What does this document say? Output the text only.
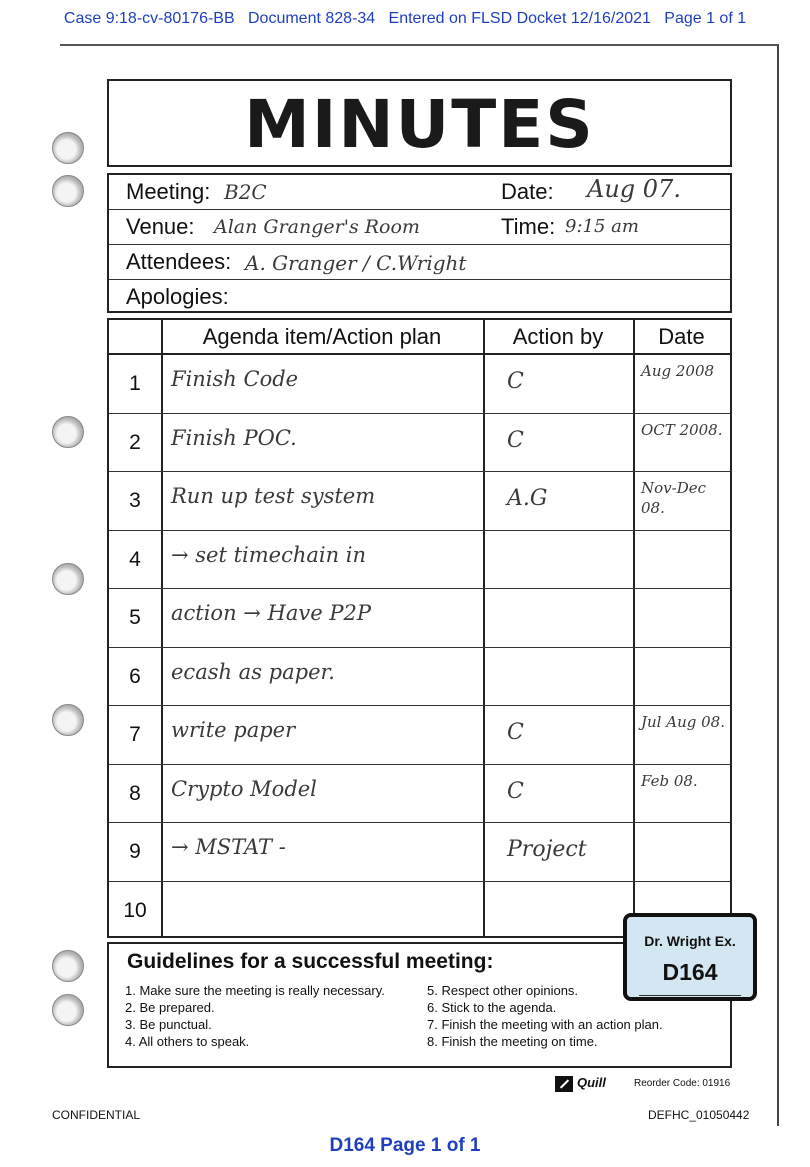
Case 9:18-cv-80176-BB Document 828-34 Entered on FLSD Docket 12/16/2021 Page 1 of 1
MINUTES
Meeting: B2C	Date: Aug 07.
Venue: Alan Granger's Room	Time: 9:15 am
Attendees: A. Granger / C.Wright
Apologies:
Agenda item/Action plan	Action by	Date
1	Finish Code	C	Aug 2008
2	Finish POC.	C	OCT 2008.
3	Run up test system	A.G	Nov-Dec 08.
4	→ set timechain in
5	action → Have P2P
6	ecash as paper.
7	write paper	C	Jul Aug 08.
8	Crypto Model	C	Feb 08.
9	→ MSTAT -	Project
10
Guidelines for a successful meeting:
1. Make sure the meeting is really necessary.
2. Be prepared.
3. Be punctual.
4. All others to speak.
5. Respect other opinions.
6. Stick to the agenda.
7. Finish the meeting with an action plan.
8. Finish the meeting on time.
Dr. Wright Ex.
D164
Quill	Reorder Code: 01916
CONFIDENTIAL	DEFHC_01050442
D164 Page 1 of 1
